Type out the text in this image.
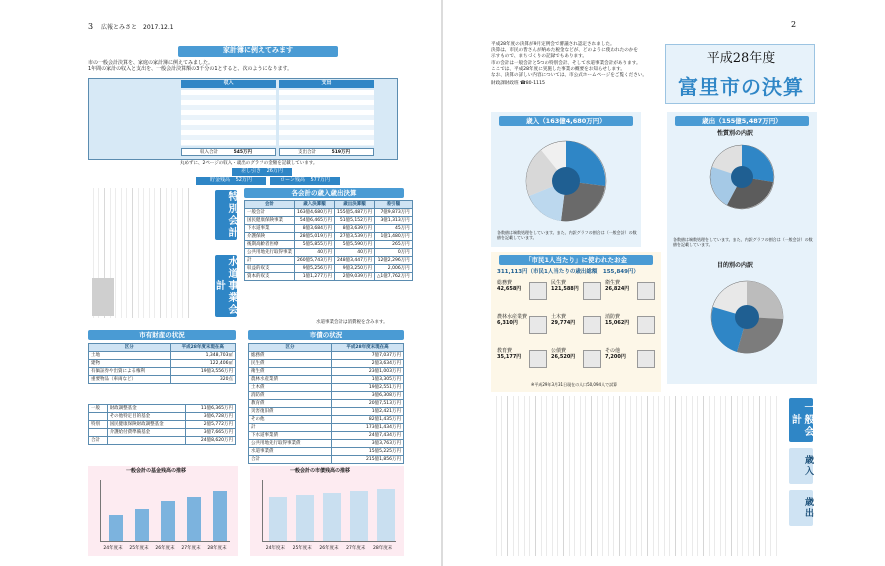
3 広報とみさと　2017.12.1
家計簿に例えてみます
市の一般会計決算を、家庭の家計簿に例えてみました。
1年間の家計の収入と支出を、一般会計決算額の3千分の1とすると、次のようになります。
収入	支出
収入合計	545万円	支出合計	519万円
丸めずに、2ページの収入・歳出のグラフの金額を記載しています。
差し引き 26万円
貯金残高 52万円	ローン残高 577万円
特別会計
水道事業会計
各会計の歳入歳出決算
会計	歳入決算額	歳出決算額	差引額
一般会計	163億4,680万円	155億5,487万円	7億9,873万円
国民健康保険事業	54億6,465万円	51億5,152万円	3億1,313万円
下水道事業	8億3,684万円	8億3,639万円	45万円
介護保険	28億5,019万円	27億3,539万円	1億1,480万円
後期高齢者医療	5億5,855万円	5億5,590万円	265万円
公共用地先行取得事業	40万円	40万円	0万円
計	260億5,743万円	248億3,447万円	12億2,296万円
収益的収支	9億5,256万円	9億3,250万円	2,006万円
資本的収支	1億1,277万円	2億9,039万円	△1億7,762万円
水道事業会計は消費税を含みます。
市有財産の状況
区分	平成28年度末現在高
土地	1,348,703㎡
建物	122,406㎡
有価証券や出資による権利	19億3,556万円
重要物品（車両など）	320点
一般	財政調整基金	11億6,365万円
	その他特定目的基金	3億6,728万円
特別	国民健康保険財政調整基金	2億5,772万円
	介護給付費準備基金	3億7,665万円
合計		24億8,620万円
市債の状況
区分	平成28年度末現在高
総務債	7億7,037万円
民生債	2億3,634万円
衛生債	23億1,003万円
農林水産業債	1億3,305万円
土木債	19億2,551万円
消防債	3億6,308万円
教育債	20億7,513万円
災害復旧債	1億2,421万円
その他	82億1,435万円
計	173億1,434万円
下水道事業債	24億7,434万円
公共用地先行取得事業債	3億3,763万円
水道事業債	15億5,225万円
合計	215億1,856万円
一般会計の基金残高の推移
24年度末 25年度末 26年度末 27年度末 28年度末
一般会計の市債残高の推移
24年度末 25年度末 26年度末 27年度末 28年度末
2
平成28年度の決算が9月定例会で審議され認定されました。
決算は、市民の皆さんが納めた税金などが、どのように使われたのかを
示すもので、まちづくりの記録でもあります。
市の会計は一般会計と5つの特別会計、そして水道事業会計があります。
ここでは、平成28年度に実施した事業の概要をお知らせします。
なお、決算の詳しい内容については、市公式ホームページをご覧ください。
財政課財政班 ☎80‐1115
平成28年度
富里市の決算
歳入（163億4,680万円）
各数値は端数処理をしています。また、内訳グラフの割合は（一般会計）の数値を記載しています。
歳出（155億5,487万円）
性質別の内訳
各数値は端数処理をしています。また、内訳グラフの割合は（一般会計）の数値を記載しています。
目的別の内訳
「市民1人当たり」に使われたお金
311,113円（市民1人当たりの歳出総額　155,849円）
総務費
42,658円
民生費
121,588円
衛生費
26,824円
農林水産業費
6,310円
土木費
29,774円
消防費
15,062円
教育費
35,177円
公債費
26,520円
その他
7,200円
※平成29年3月31日現在の人口50,094人で試算
一般会計
歳入
歳出
